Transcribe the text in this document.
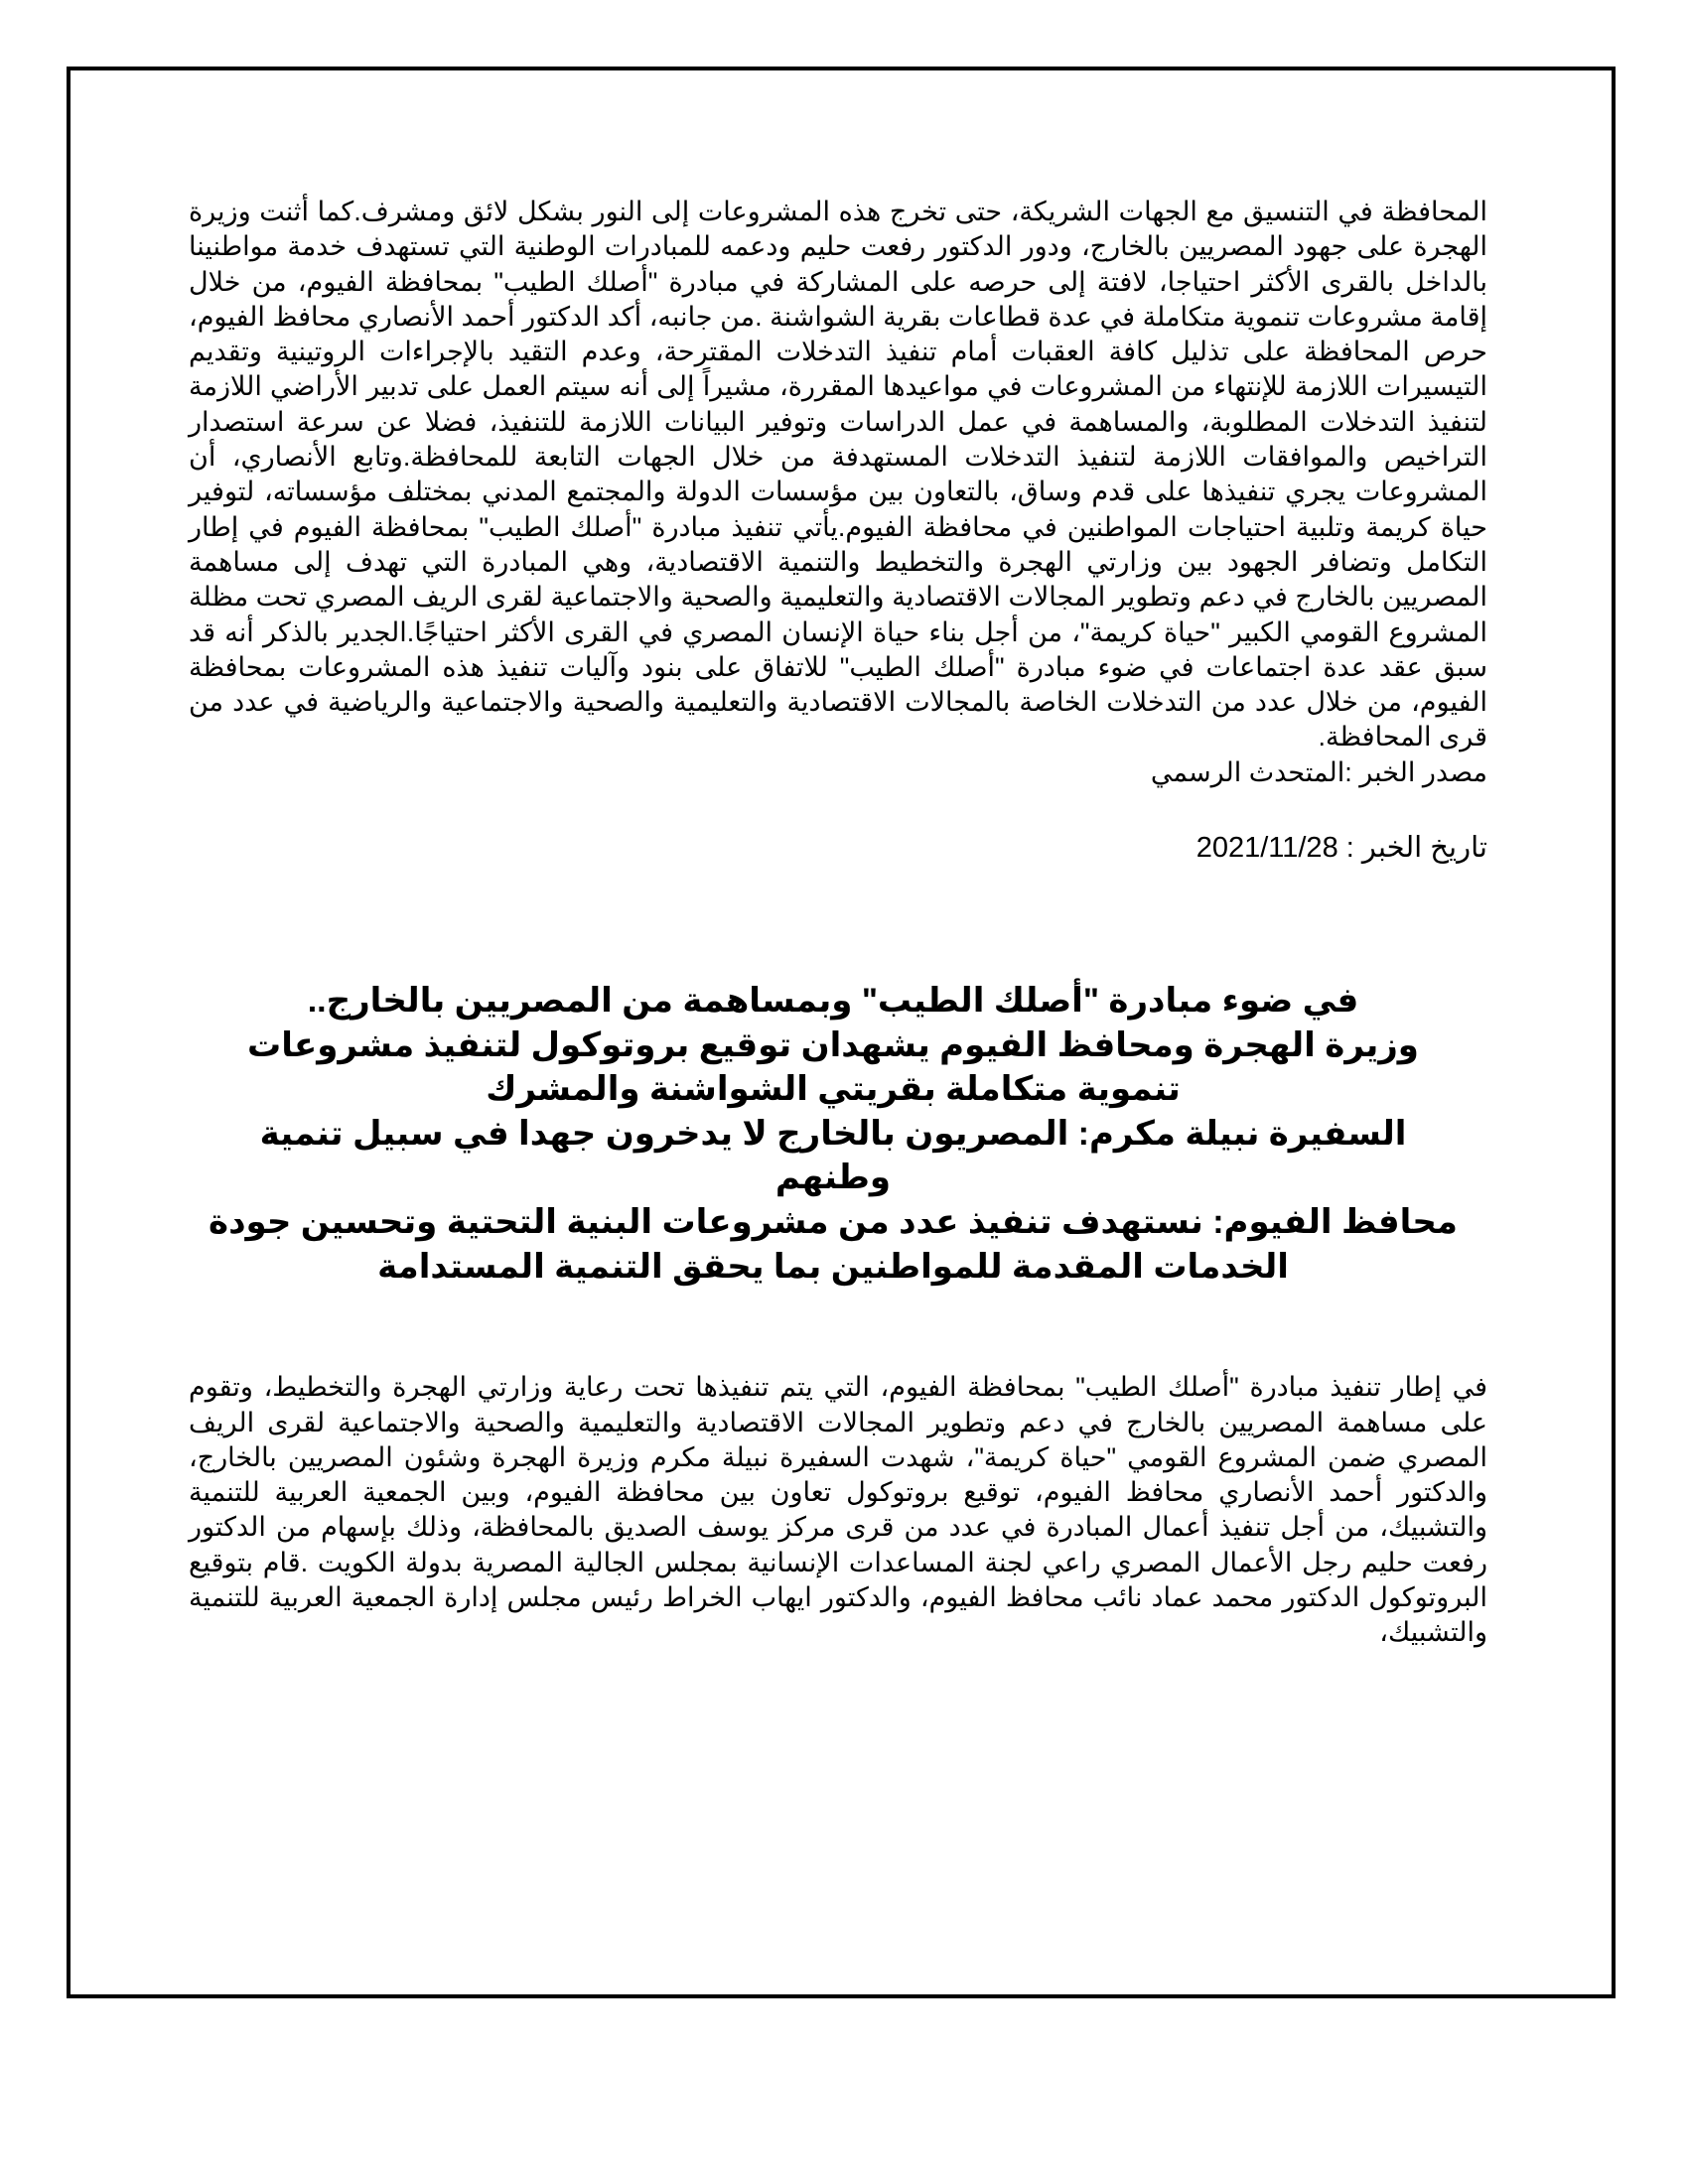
المحافظة في التنسيق مع الجهات الشريكة، حتى تخرج هذه المشروعات إلى النور بشكل لائق ومشرف.كما أثنت وزيرة الهجرة على جهود المصريين بالخارج، ودور الدكتور رفعت حليم ودعمه للمبادرات الوطنية التي تستهدف خدمة مواطنينا بالداخل بالقرى الأكثر احتياجا، لافتة إلى حرصه على المشاركة في مبادرة "أصلك الطيب" بمحافظة الفيوم، من خلال إقامة مشروعات تنموية متكاملة في عدة قطاعات بقرية الشواشنة .من جانبه، أكد الدكتور أحمد الأنصاري محافظ الفيوم، حرص المحافظة على تذليل كافة العقبات أمام تنفيذ التدخلات المقترحة، وعدم التقيد بالإجراءات الروتينية وتقديم التيسيرات اللازمة للإنتهاء من المشروعات في مواعيدها المقررة، مشيراً إلى أنه سيتم العمل على تدبير الأراضي اللازمة لتنفيذ التدخلات المطلوبة، والمساهمة في عمل الدراسات وتوفير البيانات اللازمة للتنفيذ، فضلا عن سرعة استصدار التراخيص والموافقات اللازمة لتنفيذ التدخلات المستهدفة من خلال الجهات التابعة للمحافظة.وتابع الأنصاري، أن المشروعات يجري تنفيذها على قدم وساق، بالتعاون بين مؤسسات الدولة والمجتمع المدني بمختلف مؤسساته، لتوفير حياة كريمة وتلبية احتياجات المواطنين في محافظة الفيوم.يأتي تنفيذ مبادرة "أصلك الطيب" بمحافظة الفيوم في إطار التكامل وتضافر الجهود بين وزارتي الهجرة والتخطيط والتنمية الاقتصادية، وهي المبادرة التي تهدف إلى مساهمة المصريين بالخارج في دعم وتطوير المجالات الاقتصادية والتعليمية والصحية والاجتماعية لقرى الريف المصري تحت مظلة المشروع القومي الكبير "حياة كريمة"، من أجل بناء حياة الإنسان المصري في القرى الأكثر احتياجًا.الجدير بالذكر أنه قد سبق عقد عدة اجتماعات في ضوء مبادرة "أصلك الطيب" للاتفاق على بنود وآليات تنفيذ هذه المشروعات بمحافظة الفيوم، من خلال عدد من التدخلات الخاصة بالمجالات الاقتصادية والتعليمية والصحية والاجتماعية والرياضية في عدد من قرى المحافظة.

مصدر الخبر :المتحدث الرسمي

تاريخ الخبر : 2021/11/28

في ضوء مبادرة "أصلك الطيب" وبمساهمة من المصريين بالخارج..

وزيرة الهجرة ومحافظ الفيوم يشهدان توقيع بروتوكول لتنفيذ مشروعات تنموية متكاملة بقريتي الشواشنة والمشرك

السفيرة نبيلة مكرم: المصريون بالخارج لا يدخرون جهدا في سبيل تنمية وطنهم

محافظ الفيوم: نستهدف تنفيذ عدد من مشروعات البنية التحتية وتحسين جودة الخدمات المقدمة للمواطنين بما يحقق التنمية المستدامة

في إطار تنفيذ مبادرة "أصلك الطيب" بمحافظة الفيوم، التي يتم تنفيذها تحت رعاية وزارتي الهجرة والتخطيط، وتقوم على مساهمة المصريين بالخارج في دعم وتطوير المجالات الاقتصادية والتعليمية والصحية والاجتماعية لقرى الريف المصري ضمن المشروع القومي "حياة كريمة"، شهدت السفيرة نبيلة مكرم وزيرة الهجرة وشئون المصريين بالخارج، والدكتور أحمد الأنصاري محافظ الفيوم، توقيع بروتوكول تعاون بين محافظة الفيوم، وبين الجمعية العربية للتنمية والتشبيك، من أجل تنفيذ أعمال المبادرة في عدد من قرى مركز يوسف الصديق بالمحافظة، وذلك بإسهام من الدكتور رفعت حليم رجل الأعمال المصري راعي لجنة المساعدات الإنسانية بمجلس الجالية المصرية بدولة الكويت .قام بتوقيع البروتوكول الدكتور محمد عماد نائب محافظ الفيوم، والدكتور ايهاب الخراط رئيس مجلس إدارة الجمعية العربية للتنمية والتشبيك،
